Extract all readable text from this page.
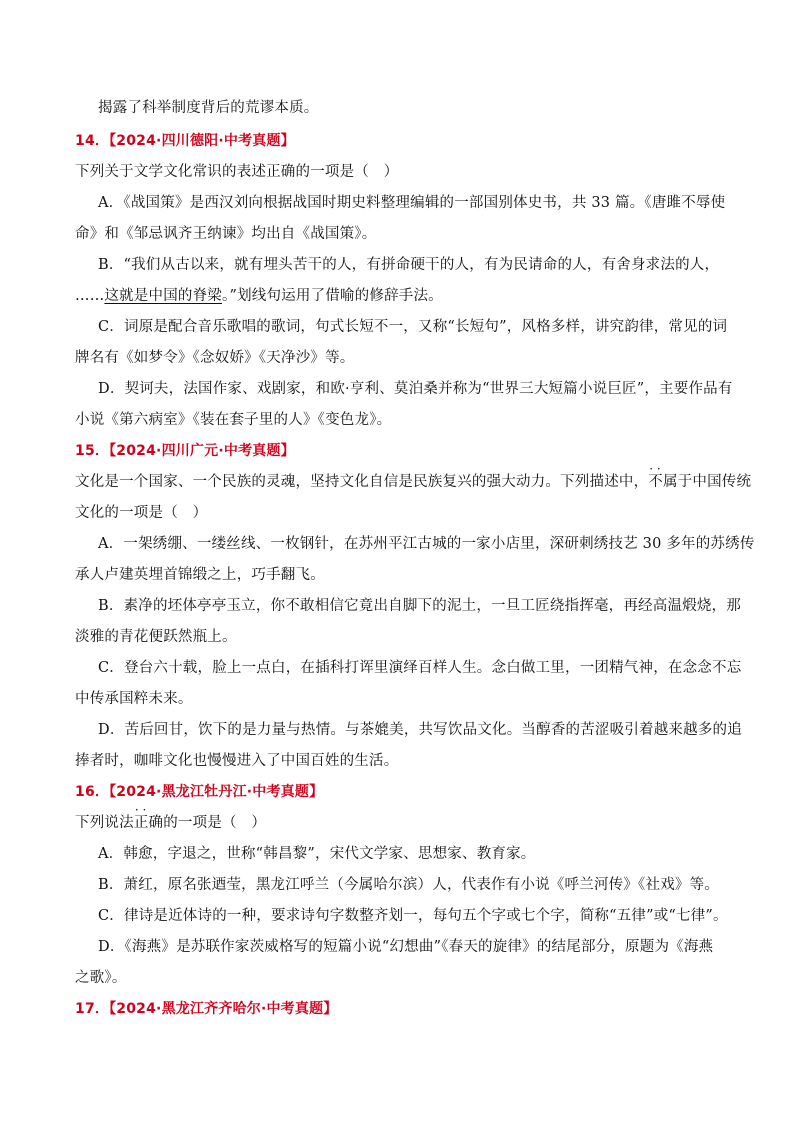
揭露了科举制度背后的荒谬本质。
14．【2024·四川德阳·中考真题】
下列关于文学文化常识的表述正确的一项是（　）
A．《战国策》是西汉刘向根据战国时期史料整理编辑的一部国别体史书，共 33 篇。《唐雎不辱使
命》和《邹忌讽齐王纳谏》均出自《战国策》。
B．“我们从古以来，就有埋头苦干的人，有拼命硬干的人，有为民请命的人，有舍身求法的人，
……这就是中国的脊梁。”划线句运用了借喻的修辞手法。
C．词原是配合音乐歌唱的歌词，句式长短不一，又称“长短句”，风格多样，讲究韵律，常见的词
牌名有《如梦令》《念奴娇》《天净沙》等。
D．契诃夫，法国作家、戏剧家，和欧·亨利、莫泊桑并称为“世界三大短篇小说巨匠”，主要作品有
小说《第六病室》《装在套子里的人》《变色龙》。
15．【2024·四川广元·中考真题】
文化是一个国家、一个民族的灵魂，坚持文化自信是民族复兴的强大动力。下列描述中，· · 不属于中国传统
文化的一项是（　）
A．一架绣绷、一缕丝线、一枚钢针，在苏州平江古城的一家小店里，深研刺绣技艺 30 多年的苏绣传
承人卢建英埋首锦缎之上，巧手翻飞。
B．素净的坯体亭亭玉立，你不敢相信它竟出自脚下的泥土，一旦工匠绕指挥毫，再经高温煅烧，那
淡雅的青花便跃然瓶上。
C．登台六十载，脸上一点白，在插科打诨里演绎百样人生。念白做工里，一团精气神，在念念不忘
中传承国粹未来。
D．苦后回甘，饮下的是力量与热情。与茶媲美，共写饮品文化。当醇香的苦涩吸引着越来越多的追
捧者时，咖啡文化也慢慢进入了中国百姓的生活。
16．【2024·黑龙江牡丹江·中考真题】
下列说法· · 正确的一项是（　）
A．韩愈，字退之，世称“韩昌黎”，宋代文学家、思想家、教育家。
B．萧红，原名张迺莹，黑龙江呼兰（今属哈尔滨）人，代表作有小说《呼兰河传》《社戏》等。
C．律诗是近体诗的一种，要求诗句字数整齐划一，每句五个字或七个字，简称“五律”或“七律”。
D．《海燕》是苏联作家茨威格写的短篇小说“幻想曲”《春天的旋律》的结尾部分，原题为《海燕
之歌》。
17．【2024·黑龙江齐齐哈尔·中考真题】
